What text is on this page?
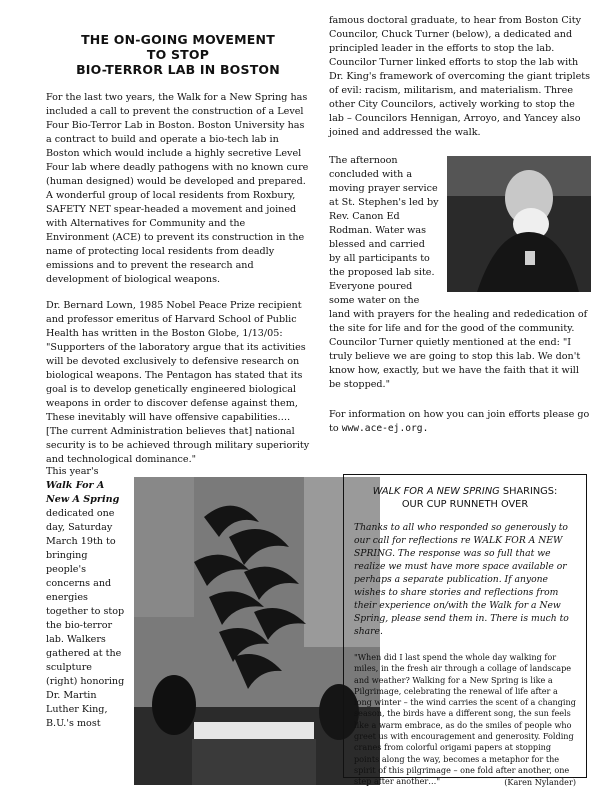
THE ON-GOING MOVEMENT
TO STOP
BIO-TERROR LAB IN BOSTON

For the last two years, the Walk for a New Spring has included a call to prevent the construction of a Level Four Bio-Terror Lab in Boston. Boston University has a contract to build and operate a bio-tech lab in Boston which would include a highly secretive Level Four lab where deadly pathogens with no known cure (human designed) would be developed and prepared. A wonderful group of local residents from Roxbury, SAFETY NET spear-headed a movement and joined with Alternatives for Community and the Environment (ACE) to prevent its construction in the name of protecting local residents from deadly emissions and to prevent the research and development of biological weapons.

Dr. Bernard Lown, 1985 Nobel Peace Prize recipient and professor emeritus of Harvard School of Public Health has written in the Boston Globe, 1/13/05: "Supporters of the laboratory argue that its activities will be devoted exclusively to defensive research on biological weapons. The Pentagon has stated that its goal is to develop genetically engineered biological weapons in order to discover defense against them, These inevitably will have offensive capabilities….[The current Administration believes that] national security is to be achieved through military superiority and technological dominance."

This year's Walk For A New A Spring dedicated one day, Saturday March 19th to bringing people's concerns and energies together to stop the bio-terror lab. Walkers gathered at the sculpture (right) honoring Dr. Martin Luther King, B.U.'s most

famous doctoral graduate, to hear from Boston City Councilor, Chuck Turner (below), a dedicated and principled leader in the efforts to stop the lab. Councilor Turner linked efforts to stop the lab with Dr. King's framework of overcoming the giant triplets of evil: racism, militarism, and materialism. Three other City Councilors, actively working to stop the lab – Councilors Hennigan, Arroyo, and Yancey also joined and addressed the walk.

The afternoon concluded with a moving prayer service at St. Stephen's led by Rev. Canon Ed Rodman. Water was blessed and carried by all participants to the proposed lab site. Everyone poured some water on the land with prayers for the healing and rededication of the site for life and for the good of the community. Councilor Turner quietly mentioned at the end: "I truly believe we are going to stop this lab. We don't know how, exactly, but we have the faith that it will be stopped."

For information on how you can join efforts please go to www.ace-ej.org.

WALK FOR A NEW SPRING SHARINGS:
OUR CUP RUNNETH OVER

Thanks to all who responded so generously to our call for reflections re WALK FOR A NEW SPRING. The response was so full that we realize we must have more space available or perhaps a separate publication. If anyone wishes to share stories and reflections from their experience on/with the Walk for a New Spring, please send them in. There is much to share.

"When did I last spend the whole day walking for miles, in the fresh air through a collage of landscape and weather? Walking for a New Spring is like a Pilgrimage, celebrating the renewal of life after a long winter – the wind carries the scent of a changing season, the birds have a different song, the sun feels like a warm embrace, as do the smiles of people who greet us with encouragement and generosity. Folding cranes from colorful origami papers at stopping points along the way, becomes a metaphor for the spirit of this pilgrimage – one fold after another, one step after another…"	(Karen Nylander)
